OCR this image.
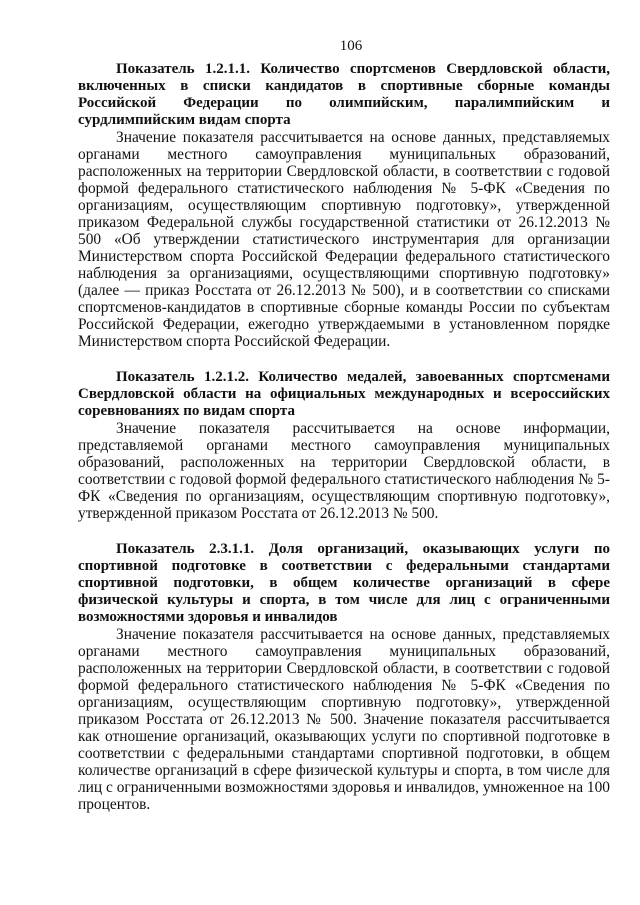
106

Показатель 1.2.1.1. Количество спортсменов Свердловской области, включенных в списки кандидатов в спортивные сборные команды Российской Федерации по олимпийским, паралимпийским и сурдлимпийским видам спорта

Значение показателя рассчитывается на основе данных, представляемых органами местного самоуправления муниципальных образований, расположенных на территории Свердловской области, в соответствии с годовой формой федерального статистического наблюдения № 5-ФК «Сведения по организациям, осуществляющим спортивную подготовку», утвержденной приказом Федеральной службы государственной статистики от 26.12.2013 № 500 «Об утверждении статистического инструментария для организации Министерством спорта Российской Федерации федерального статистического наблюдения за организациями, осуществляющими спортивную подготовку» (далее — приказ Росстата от 26.12.2013 № 500), и в соответствии со списками спортсменов-кандидатов в спортивные сборные команды России по субъектам Российской Федерации, ежегодно утверждаемыми в установленном порядке Министерством спорта Российской Федерации.

Показатель 1.2.1.2. Количество медалей, завоеванных спортсменами Свердловской области на официальных международных и всероссийских соревнованиях по видам спорта

Значение показателя рассчитывается на основе информации, представляемой органами местного самоуправления муниципальных образований, расположенных на территории Свердловской области, в соответствии с годовой формой федерального статистического наблюдения № 5-ФК «Сведения по организациям, осуществляющим спортивную подготовку», утвержденной приказом Росстата от 26.12.2013 № 500.

Показатель 2.3.1.1. Доля организаций, оказывающих услуги по спортивной подготовке в соответствии с федеральными стандартами спортивной подготовки, в общем количестве организаций в сфере физической культуры и спорта, в том числе для лиц с ограниченными возможностями здоровья и инвалидов

Значение показателя рассчитывается на основе данных, представляемых органами местного самоуправления муниципальных образований, расположенных на территории Свердловской области, в соответствии с годовой формой федерального статистического наблюдения № 5-ФК «Сведения по организациям, осуществляющим спортивную подготовку», утвержденной приказом Росстата от 26.12.2013 № 500. Значение показателя рассчитывается как отношение организаций, оказывающих услуги по спортивной подготовке в соответствии с федеральными стандартами спортивной подготовки, в общем количестве организаций в сфере физической культуры и спорта, в том числе для лиц с ограниченными возможностями здоровья и инвалидов, умноженное на 100 процентов.
